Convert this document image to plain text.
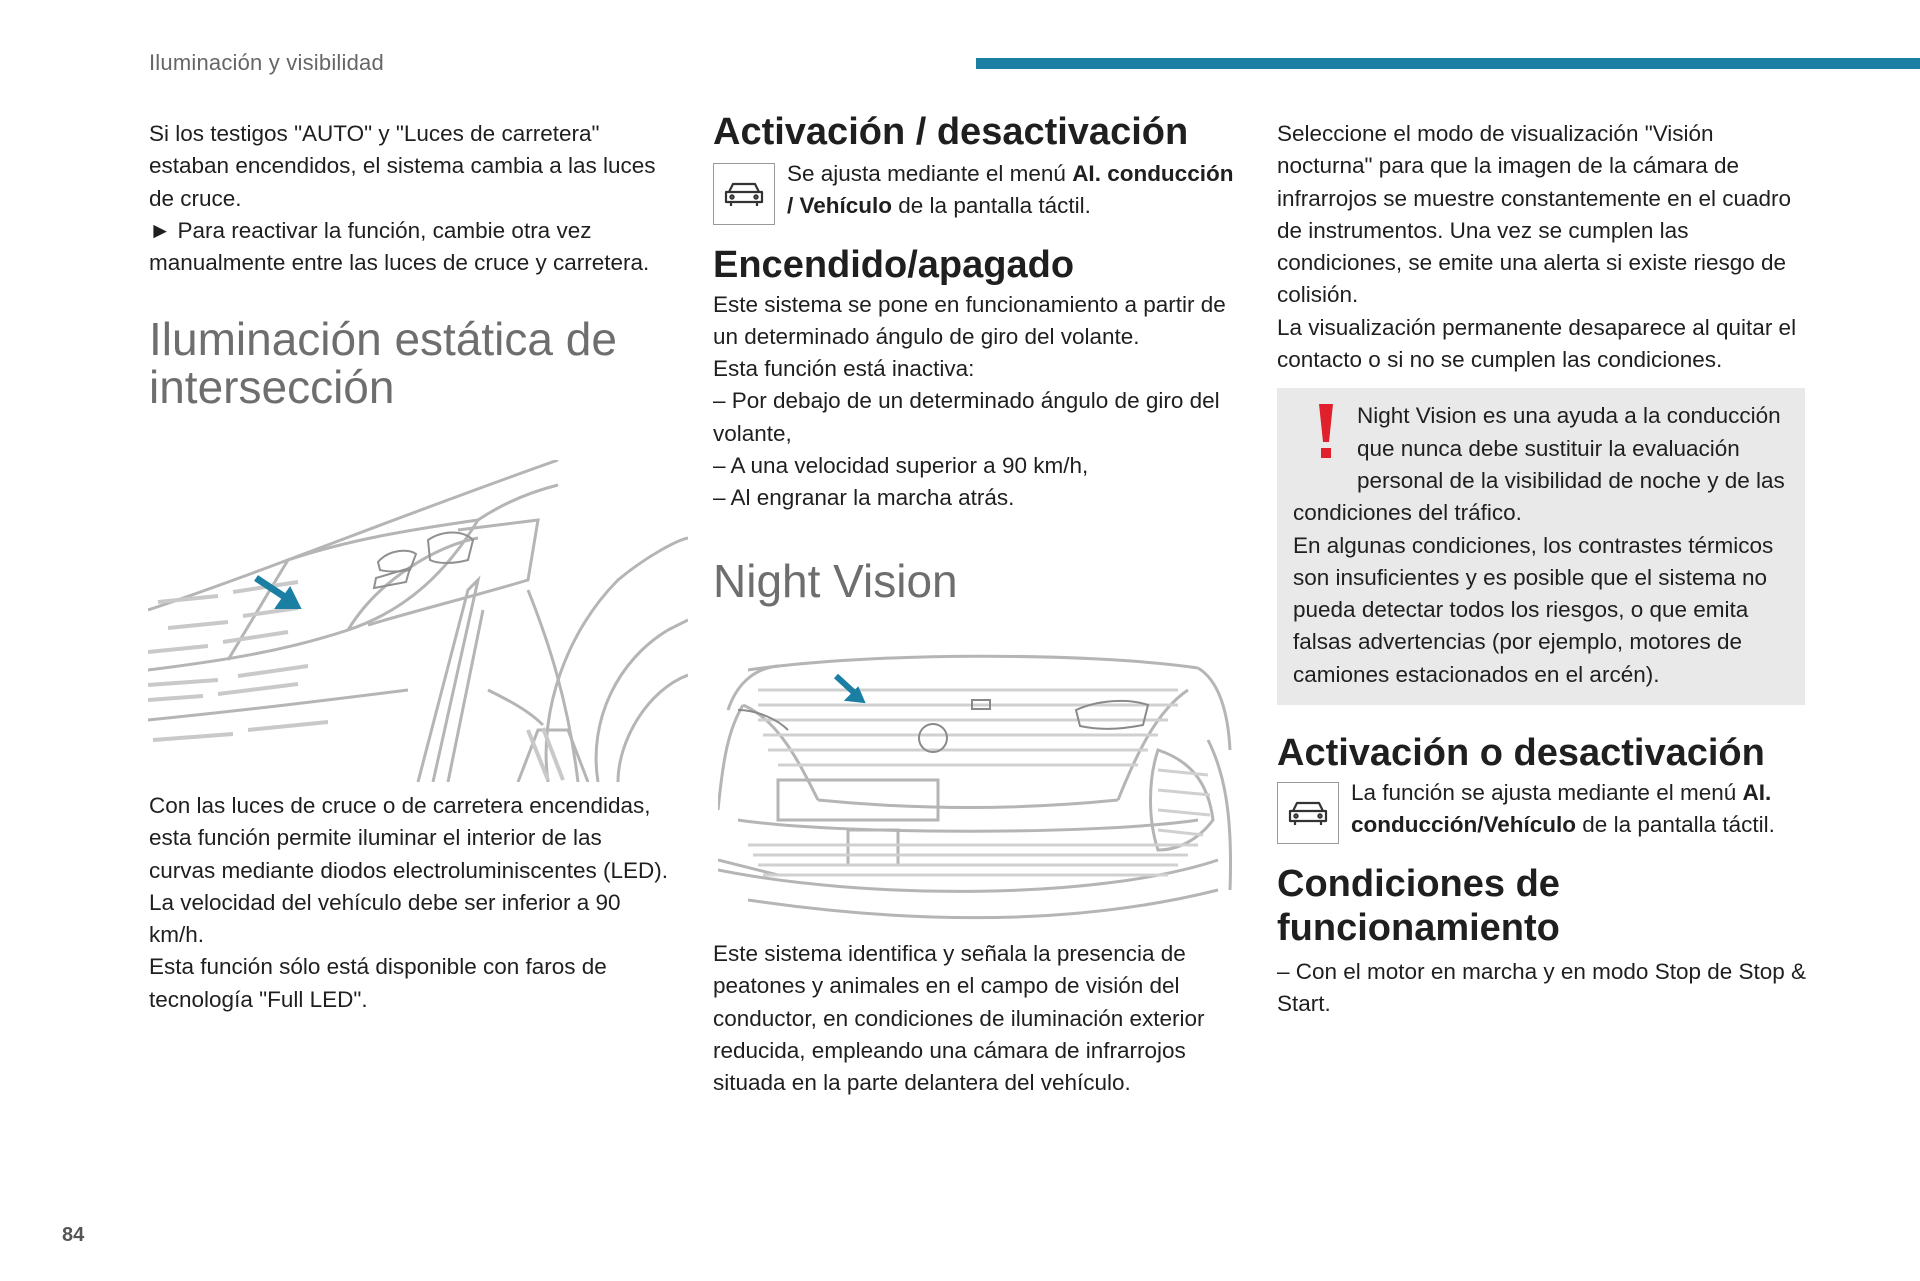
Iluminación y visibilidad

Si los testigos "AUTO" y "Luces de carretera" estaban encendidos, el sistema cambia a las luces de cruce.

► Para reactivar la función, cambie otra vez manualmente entre las luces de cruce y carretera.

Iluminación estática de intersección

Con las luces de cruce o de carretera encendidas, esta función permite iluminar el interior de las curvas mediante diodos electroluminiscentes (LED).

La velocidad del vehículo debe ser inferior a 90 km/h.

Esta función sólo está disponible con faros de tecnología "Full LED".

Activación / desactivación

Se ajusta mediante el menú AI. conducción / Vehículo de la pantalla táctil.

Encendido/apagado

Este sistema se pone en funcionamiento a partir de un determinado ángulo de giro del volante.

Esta función está inactiva:

– Por debajo de un determinado ángulo de giro del volante,

– A una velocidad superior a 90 km/h,

– Al engranar la marcha atrás.

Night Vision

Este sistema identifica y señala la presencia de peatones y animales en el campo de visión del conductor, en condiciones de iluminación exterior reducida, empleando una cámara de infrarrojos situada en la parte delantera del vehículo.

Seleccione el modo de visualización "Visión nocturna" para que la imagen de la cámara de infrarrojos se muestre constantemente en el cuadro de instrumentos. Una vez se cumplen las condiciones, se emite una alerta si existe riesgo de colisión.

La visualización permanente desaparece al quitar el contacto o si no se cumplen las condiciones.

Night Vision es una ayuda a la conducción que nunca debe sustituir la evaluación personal de la visibilidad de noche y de las condiciones del tráfico.

En algunas condiciones, los contrastes térmicos son insuficientes y es posible que el sistema no pueda detectar todos los riesgos, o que emita falsas advertencias (por ejemplo, motores de camiones estacionados en el arcén).

Activación o desactivación

La función se ajusta mediante el menú AI. conducción/Vehículo de la pantalla táctil.

Condiciones de funcionamiento

– Con el motor en marcha y en modo Stop de Stop & Start.

84
